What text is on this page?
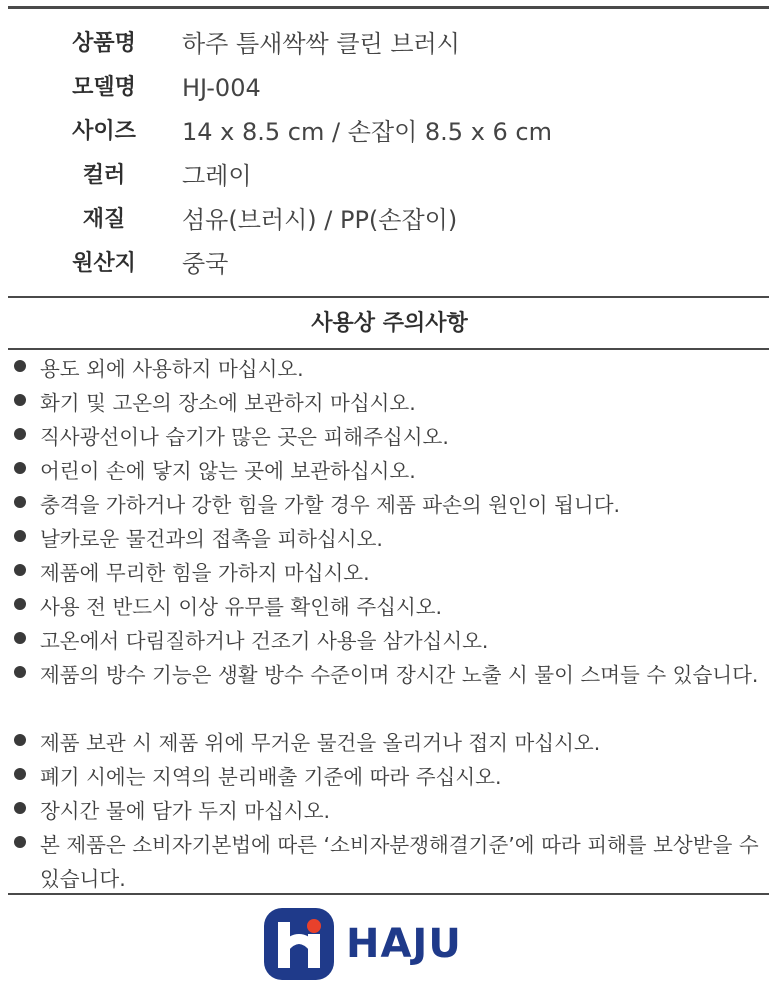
상품명	하주 틈새싹싹 클린 브러시
모델명	HJ-004
사이즈	14 x 8.5 cm / 손잡이 8.5 x 6 cm
컬러	그레이
재질	섬유(브러시) / PP(손잡이)
원산지	중국
사용상 주의사항
용도 외에 사용하지 마십시오.
화기 및 고온의 장소에 보관하지 마십시오.
직사광선이나 습기가 많은 곳은 피해주십시오.
어린이 손에 닿지 않는 곳에 보관하십시오.
충격을 가하거나 강한 힘을 가할 경우 제품 파손의 원인이 됩니다.
날카로운 물건과의 접촉을 피하십시오.
제품에 무리한 힘을 가하지 마십시오.
사용 전 반드시 이상 유무를 확인해 주십시오.
고온에서 다림질하거나 건조기 사용을 삼가십시오.
제품의 방수 기능은 생활 방수 수준이며 장시간 노출 시 물이 스며들 수 있습니다.
제품 보관 시 제품 위에 무거운 물건을 올리거나 접지 마십시오.
폐기 시에는 지역의 분리배출 기준에 따라 주십시오.
장시간 물에 담가 두지 마십시오.
본 제품은 소비자기본법에 따른 ‘소비자분쟁해결기준’에 따라 피해를 보상받을 수 있습니다.
HAJU
